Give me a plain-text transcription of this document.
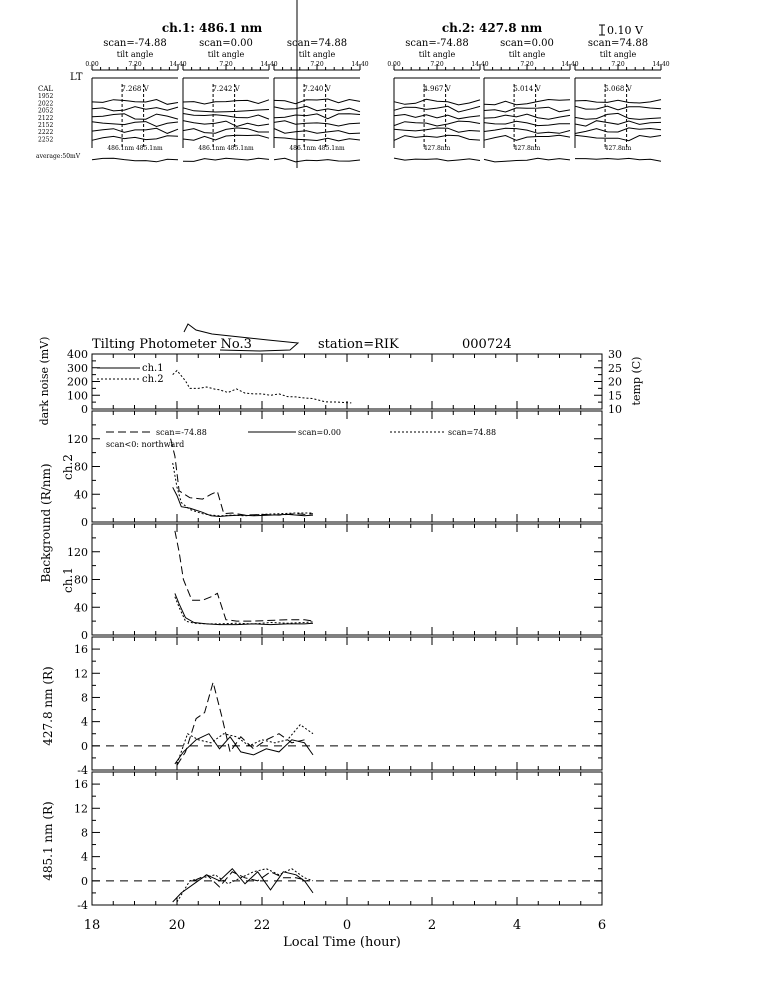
ch.1: 486.1 nm	ch.2: 427.8 nm	0.10 V
LT
CAL
1952
2022
2052
2122
2152
2222
2252
average:50mV
scan=-74.88
tilt angle
0.00	7.20	14.40
7.268 V
486.1nm 485.1nm
scan=0.00
tilt angle
7.20	14.40
7.242 V
486.1nm 485.1nm
scan=74.88
tilt angle
7.20	14.40
7.240 V
486.1nm 485.1nm
scan=-74.88
tilt angle
0.00	7.20	14.40
4.967 V
427.8nm
scan=0.00
tilt angle
7.20	14.40
5.014 V
427.8nm
scan=74.88
tilt angle
7.20	14.40
5.068 V
427.8nm
Tilting Photometer No.3	station=RIK	000724
0
100
200
300
400
10
15
20
25
30
0
40
80
120
0
40
80
120
-4
0
4
8
12
16
-4
0
4
8
12
16
18	20	22	0	2	4	6
ch.1
ch.2
scan=-74.88	scan=0.00	scan=74.88
scan<0: northward
dark noise (mV)	temp (C)
Background (R/nm) ch.2
ch.1
427.8 nm (R)
485.1 nm (R)
Local Time (hour)
